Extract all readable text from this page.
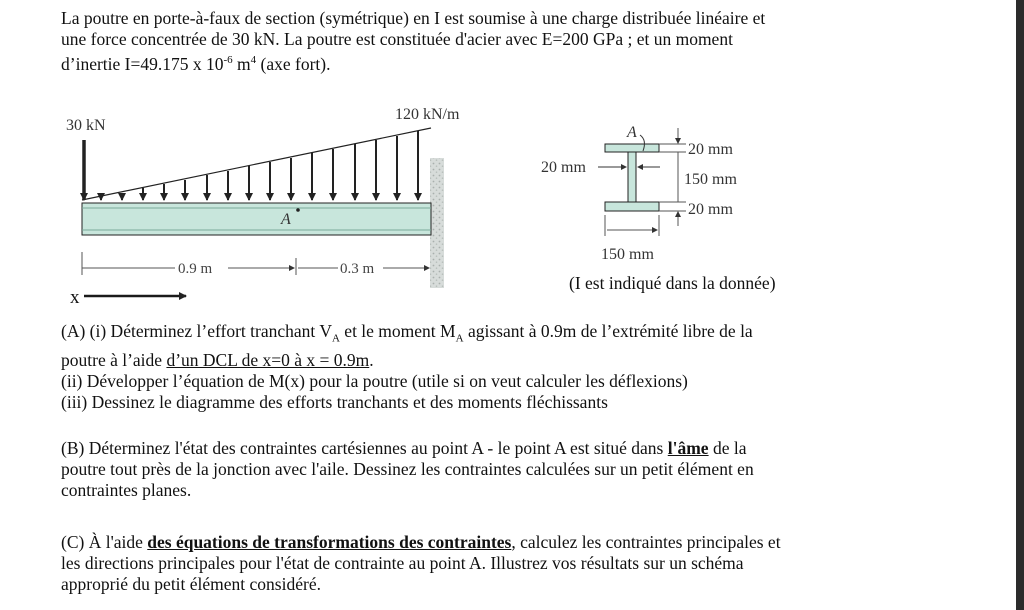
La poutre en porte-à-faux de section (symétrique) en I est soumise à une charge distribuée linéaire et
une force concentrée de 30 kN. La poutre est constituée d'acier avec E=200 GPa ; et un moment
d’inertie I=49.175 x $10^{-6}$ $m^4$ (axe fort).

30 kN
120 kN/m
A
0.9 m	0.3 m
x
A
20 mm
20 mm
150 mm
20 mm
150 mm
(I est indiqué dans la donnée)

(A) (i) Déterminez l’effort tranchant $V_A$ et le moment $M_A$ agissant à 0.9m de l’extrémité libre de la
poutre à l’aide d’un DCL de x=0 à x = 0.9m.
(ii) Développer l’équation de M(x) pour la poutre (utile si on veut calculer les déflexions)
(iii) Dessinez le diagramme des efforts tranchants et des moments fléchissants

(B) Déterminez l'état des contraintes cartésiennes au point A - le point A est situé dans l'âme de la
poutre tout près de la jonction avec l'aile. Dessinez les contraintes calculées sur un petit élément en
contraintes planes.

(C) À l'aide des équations de transformations des contraintes, calculez les contraintes principales et
les directions principales pour l'état de contrainte au point A. Illustrez vos résultats sur un schéma
approprié du petit élément considéré.
